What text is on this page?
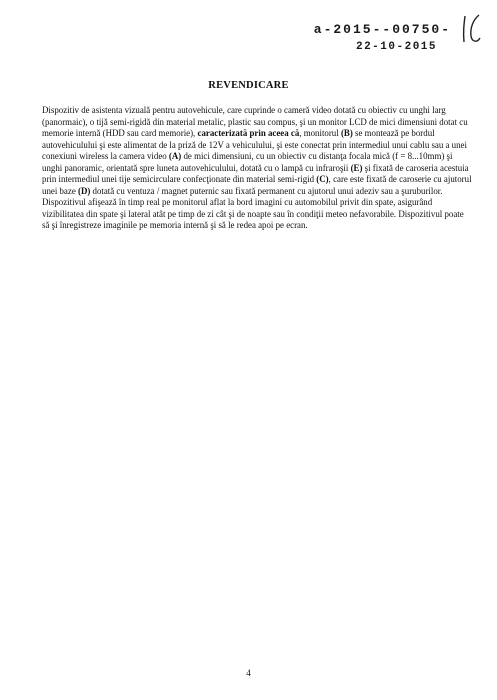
a-2015--00750-
22-10-2015
REVENDICARE
Dispozitiv de asistenta vizuală pentru autovehicule, care cuprinde o cameră video dotată cu obiectiv cu unghi larg (panormaic), o tijă semi-rigidă din material metalic, plastic sau compus, şi un monitor LCD de mici dimensiuni dotat cu memorie internă (HDD sau card memorie), caracterizată prin aceea că, monitorul (B) se montează pe bordul autovehiculului şi este alimentat de la priză de 12V a vehiculului, şi este conectat prin intermediul unui cablu sau a unei conexiuni wireless la camera video (A) de mici dimensiuni, cu un obiectiv cu distanţa focala mică (f = 8...10mm) şi unghi panoramic, orientată spre luneta autovehiculului, dotată cu o lampă cu infraroşii (E) şi fixată de caroseria acestuia prin intermediul unei tije semicirculare confecţionate din material semi-rigid (C), care este fixată de caroserie cu ajutorul unei baze (D) dotată cu ventuza / magnet puternic sau fixată permanent cu ajutorul unui adeziv sau a şuruburilor. Dispozitivul afişează în timp real pe monitorul aflat la bord imagini cu automobilul privit din spate, asigurând vizibilitatea din spate şi lateral atât pe timp de zi cât şi de noapte sau în condiţii meteo nefavorabile. Dispozitivul poate să şi înregistreze imaginile pe memoria internă şi să le redea apoi pe ecran.
4
